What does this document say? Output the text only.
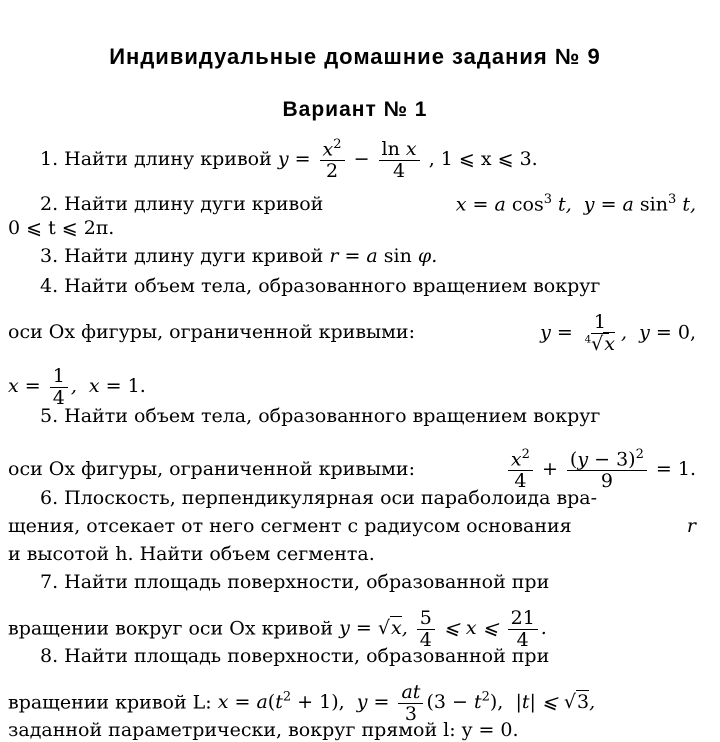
Индивидуальные домашние задания № 9
Вариант № 1
1. Найти длину кривой $y = \frac{x^2}{2} - \frac{\text{ln x}}{4}$ , 1 ⩽ x ⩽ 3.
2. Найти длину дуги кривой	x = a $\cos^3 t$,  y = a $\sin^3 t$,
0 ⩽ t ⩽ 2π.
3. Найти длину дуги кривой r = a sin φ.
4. Найти объем тела, образованного вращением вокруг
оси Ox фигуры, ограниченной кривыми:	$y = \frac{1}{^4√x}$ ,  y = 0,
$x = \frac{1}{4}$ ,  x = 1.
5. Найти объем тела, образованного вращением вокруг
оси Ox фигуры, ограниченной кривыми:	$\frac{x^2}{4} + \frac{(y - 3)^2}{9} = 1$.
6. Плоскость, перпендикулярная оси параболоида вра-
щения, отсекает от него сегмент с радиусом основания	r
и высотой h. Найти объем сегмента.
7. Найти площадь поверхности, образованной при
вращении вокруг оси Ox кривой y = √x, $\frac{5}{4}$ ⩽ x ⩽ $\frac{21}{4}$ .
8. Найти площадь поверхности, образованной при
вращении кривой L: $x = a(t^2 + 1)$,  $y = \frac{at}{3} (3 - t^2)$, |t| ⩽ √3,
заданной параметрически, вокруг прямой l: y = 0.
